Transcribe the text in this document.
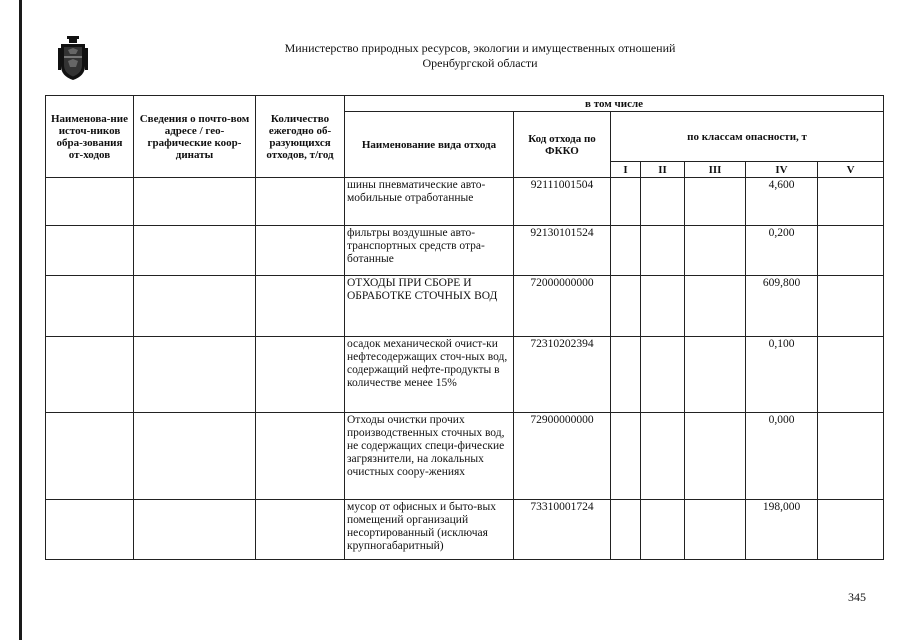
Министерство природных ресурсов, экологии и имущественных отношений
Оренбургской области
Наименова-ние источ-ников обра-зования от-ходов	Сведения о почто-вом адресе / гео-графические коор-динаты	Количество ежегодно об-разующихся отходов, т/год	в том числе						
			Наименование вида отхода	Код отхода по ФККО	по классам опасности, т				
					I	II	III	IV	V
			шины пневматические авто-мобильные отработанные	92111001504				4,600	
			фильтры воздушные авто-транспортных средств отра-ботанные	92130101524				0,200	
			ОТХОДЫ ПРИ СБОРЕ И ОБРАБОТКЕ СТОЧНЫХ ВОД	72000000000				609,800	
			осадок механической очист-ки нефтесодержащих сточ-ных вод, содержащий нефте-продукты в количестве менее 15%	72310202394				0,100	
			Отходы очистки прочих производственных сточных вод, не содержащих специ-фические загрязнители, на локальных очистных соору-жениях	72900000000				0,000	
			мусор от офисных и быто-вых помещений организаций несортированный (исключая крупногабаритный)	73310001724				198,000	
345
